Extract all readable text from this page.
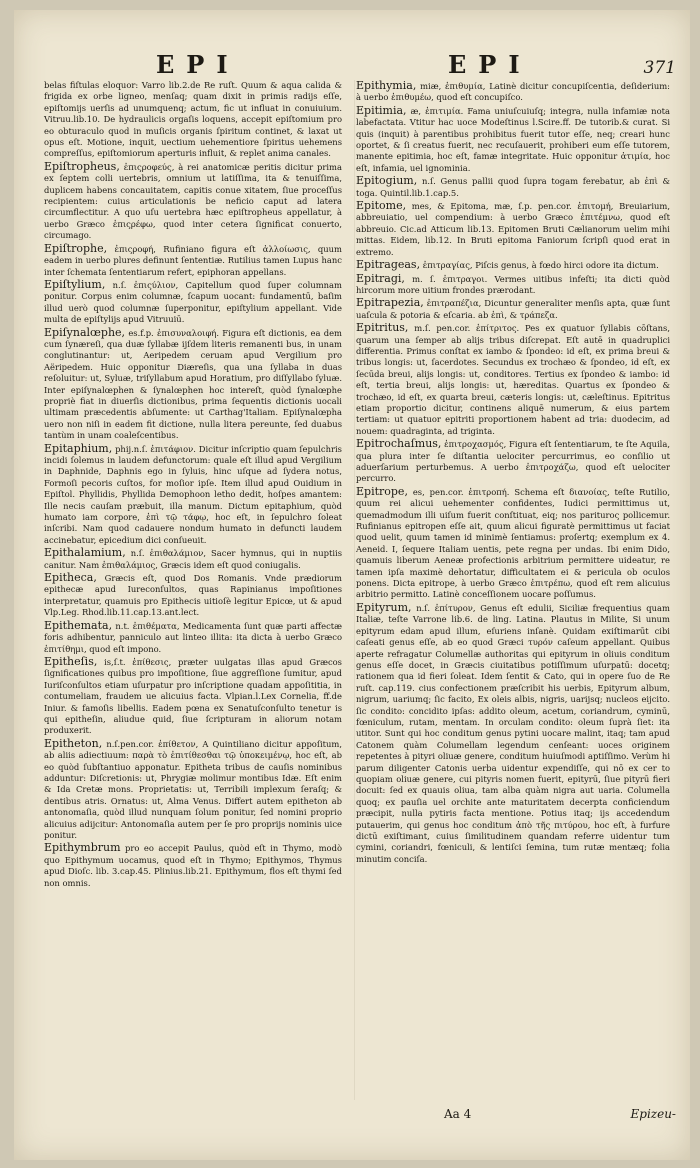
EPI	EPI	371

belas fiſtulas eloquor: Varro lib.2.de Re ruſt. Quum & aqua calida & frigida ex orbe ligneo, menſaq; quam dixit in primis radijs eſſe, epiſtomijs uerſis ad unumquenq; actum, fic ut influat in conuiuium. Vitruu.lib.10. De hydraulicis orgaſis loquens, accepit epiſtomium pro eo obturaculo quod in muſicis organis ſpiritum continet, & laxat ut opus eſt. Motione, inquit, uectium uehementiore ſpiritus uehemens compreſſus, epiſtomiorum aperturis influit, & replet anima canales.

Epiſtropheus, ἐπιςροφεύς, à rei anatomicæ peritis dicitur prima ex ſeptem colli uertebris, omnium ut latiſſima, ita & tenuiſſima, duplicem habens concauitatem, capitis conue xitatem, ſiue proceſſus recipientem: cuius articulationis be neficio caput ad latera circumflectitur. A quo uſu uertebra hæc epiſtropheus appellatur, à uerbo Græco ἐπιςρέφω, quod inter cetera ſignificat conuerto, circumago.

Epiſtrophe, ἐπιςροφή, Rufiniano figura eſt ἀλλοίωσις, quum eadem in uerbo plures definunt ſententiæ. Rutilius tamen Lupus hanc inter ſchemata ſententiarum refert, epiphoran appellans.

Epiſtylium, n.ſ. ἐπιςύλιον, Capitellum quod ſuper columnam ponitur. Corpus enim columnæ, ſcapum uocant: fundamentū, baſim illud uerò quod columnæ ſuperponitur, epiſtylium appellant. Vide multa de epiſtylijs apud Vitruuiū.

Epiſynalœphe, es.f.p. ἐπισυναλοιφή. Figura eſt dictionis, ea dem cum ſynæreſi, qua duæ ſyllabæ ijſdem literis remanenti bus, in unam conglutinantur: ut, Aeripedem ceruam apud Vergilium pro Aëripedem. Huic opponitur Diæreſis, qua una ſyllaba in duas reſoluitur: ut, Syluæ, triſyllabum apud Horatium, pro diſſyllabo ſyluæ. Inter epiſynalœphen & ſynalœphen hoc intereſt, quòd ſynalœphe propriè fiat in diuerſis dictionibus, prima ſequentis dictionis uocali ultimam præcedentis abſumente: ut Carthag'Italiam. Epiſynalœpha uero non niſi in eadem fit dictione, nulla litera pereunte, ſed duabus tantùm in unam coaleſcentibus.

Epitaphium, phij.n.ſ. ἐπιτάφιον. Dicitur inſcriptio quam ſepulchris incidi ſolemus in laudem defunctorum: quale eſt illud apud Vergilium in Daphnide, Daphnis ego in ſyluis, hinc uſque ad ſydera notus, Formoſi pecoris cuſtos, for moſior ipſe. Item illud apud Ouidium in Epiſtol. Phyllidis, Phyllida Demophoon letho dedit, hoſpes amantem: Ille necis cauſam præbuit, illa manum. Dictum epitaphium, quòd humato iam corpore, ἐπὶ τῷ τάφῳ, hoc eſt, in ſepulchro ſoleat inſcribi. Nam quod cadauere nondum humato in defuncti laudem accinebatur, epicedium dici conſueuit.

Epithalamium, n.ſ. ἐπιθαλάμιον, Sacer hymnus, qui in nuptiis canitur. Nam ἐπιθαλάμιος, Græcis idem eſt quod coniugalis.

Epitheca, Græcis eſt, quod Dos Romanis. Vnde prædiorum epithecæ apud Iureconſultos, quas Rapinianus impoſitiones interpretatur, quamuis pro Epithecis uitioſè legitur Epicœ, ut & apud Vlp.Leg. Rhod.lib.11.cap.13.ant.lect.

Epithemata, n.t. ἐπιθέματα, Medicamenta ſunt quæ parti affectæ foris adhibentur, panniculo aut linteo illita: ita dicta à uerbo Græco ἐπιτίθημι, quod eſt impono.

Epitheſis, is,ſ.t. ἐπίθεσις, præter uulgatas illas apud Græcos ſignificationes quibus pro impoſitione, ſiue aggreſſione ſumitur, apud Iuriſconſultos etiam uſurpatur pro inſcriptione quadam appoſititia, in contumeliam, fraudem ue alicuius facta. Vlpian.l.Lex Cornelia, ff.de Iniur. & famoſis libellis. Eadem pœna ex Senatuſconſulto tenetur is qui epitheſin, aliudue quid, ſiue ſcripturam in aliorum notam produxerit.

Epitheton, n.ſ.pen.cor. ἐπίθετον, A Quintiliano dicitur appoſitum, ab aliis adiectiuum: παρὰ τὸ ἐπιτίθεσθαι τῷ ὑποκειμένῳ, hoc eſt, ab eo quòd ſubſtantiuo apponatur. Epitheta tribus de cauſis nominibus adduntur: Diſcretionis: ut, Phrygiæ molimur montibus Idæ. Eſt enim & Ida Cretæ mons. Proprietatis: ut, Terribili implexum ſeraſq; & dentibus atris. Ornatus: ut, Alma Venus. Differt autem epitheton ab antonomaſia, quòd illud nunquam ſolum ponitur, ſed nomini proprio alicuius adijcitur: Antonomaſia autem per ſe pro proprijs nominis uice ponitur.

Epithymbrum pro eo accepit Paulus, quòd eſt in Thymo, modò quo Epithymum uocamus, quod eſt in Thymo; Epithymos, Thymus apud Dioſc. lib. 3.cap.45. Plinius.lib.21. Epithymum, flos eſt thymi ſed non omnis.

Epithymia, miæ, ἐπιθυμία, Latinè dicitur concupiſcentia, deſiderium: à uerbo ἐπιθυμέω, quod eſt concupiſco.

Epitimia, æ, ἐπιτιμία. Fama uniuſcuiuſq; integra, nulla infamiæ nota labefactata. Vtitur hac uoce Modeſtinus l.Scire.ff. De tutorib.& curat. Si quis (inquit) à parentibus prohibitus fuerit tutor eſſe, neq; creari hunc oportet, & ſi creatus fuerit, nec recuſauerit, prohiberi eum eſſe tutorem, manente epitimia, hoc eſt, famæ integritate. Huic opponitur ἀτιμία, hoc eſt, infamia, uel ignominia.

Epitogium, n.ſ. Genus pallii quod ſupra togam ferebatur, ab ἐπὶ & toga. Quintil.lib.1.cap.5.

Epitome, mes, & Epitoma, mæ, ſ.p. pen.cor. ἐπιτομή, Breuiarium, abbreuiatio, uel compendium: à uerbo Græco ἐπιτέμνω, quod eſt abbreuio. Cic.ad Atticum lib.13. Epitomen Bruti Cælianorum uelim mihi mittas. Eidem, lib.12. In Bruti epitoma Faniorum ſcripſi quod erat in extremo.

Epitrageas, ἐπιτραγίας, Piſcis genus, à fœdo hirci odore ita dictum.

Epitragi, m. ſ. ἐπιτραγοι. Vermes uitibus infeſti; ita dicti quòd hircorum more uitium frondes prærodant.

Epitrapezia, ἐπιτραπέζια, Dicuntur generaliter menſis apta, quæ ſunt uaſcula & potoria & eſcaria. ab ἐπὶ, & τράπεζα.

Epitritus, m.ſ. pen.cor. ἐπίτριτος. Pes ex quatuor ſyllabis cōſtans, quarum una ſemper ab alijs tribus diſcrepat. Eſt autē in quadruplici differentia. Primus conſtat ex iambo & ſpondeo: id eſt, ex prima breui & tribus longis: ut, ſacerdotes. Secundus ex trochæo & ſpondeo, id eſt, ex ſecūda breui, alijs longis: ut, conditores. Tertius ex ſpondeo & iambo: id eſt, tertia breui, alijs longis: ut, hæreditas. Quartus ex ſpondeo & trochæo, id eſt, ex quarta breui, cæteris longis: ut, cæleſtinus. Epitritus etiam proportio dicitur, continens aliquē numerum, & eius partem tertiam: ut quatuor epitriti proportionem habent ad tria: duodecim, ad nouem: quadraginta, ad triginta.

Epitrochaſmus, ἐπιτροχασμός, Figura eſt ſententiarum, te ſte Aquila, qua plura inter ſe diſtantia uelociter percurrimus, eo conſilio ut aduerſarium perturbemus. A uerbo ἐπιτροχάζω, quod eſt uelociter percurro.

Epitrope, es, pen.cor. ἐπιτροπή. Schema eſt διανοίας, teſte Rutilio, quum rei alicui uehementer confidentes, Iudici permittimus ut, quemadmodum illi uiſum fuerit conſtituat, eiq; nos pariturος pollicemur. Rufinianus epitropen eſſe ait, quum alicui figuratè permittimus ut faciat quod uelit, quum tamen id minimè ſentiamus: proſertq; exemplum ex 4. Aeneid. I, ſequere Italiam uentis, pete regna per undas. Ibi enim Dido, quamuis liberum Aeneæ profectionis arbitrium permittere uideatur, re tamen ipſa maximè dehortatur, difficultatem ei & pericula ob oculos ponens. Dicta epitrope, à uerbo Græco ἐπιτρέπω, quod eſt rem alicuius arbitrio permitto. Latinè conceſſionem uocare poſſumus.

Epityrum, n.ſ. ἐπίτυρον, Genus eſt edulii, Siciliæ frequentius quam Italiæ, teſte Varrone lib.6. de ling. Latina. Plautus in Milite, Si unum epityrum edam apud illum, eſuriens inſanè. Quidam exiſtimarūt cibi caſeati genus eſſe, ab eo quod Græci τυρόν caſeum appellant. Quibus aperte refragatur Columellæ authoritas qui epityrum in oliuis conditum genus eſſe docet, in Græcis ciuitatibus potiſſimum uſurpatū: docetq; rationem qua id fieri ſoleat. Idem ſentit & Cato, qui in opere ſuo de Re ruſt. cap.119. cius confectionem præſcribit his uerbis, Epityrum album, nigrum, uariumq; ſic facito, Ex oleis albis, nigris, uarijsq; nucleos eijcito. ſic condito: concidito ipſas: addito oleum, acetum, coriandrum, cyminū, fœniculum, rutam, mentam. In orculam condito: oleum ſuprà ſiet: ita utitor. Sunt qui hoc conditum genus pytini uocare malint, itaq; tam apud Catonem quàm Columellam legendum cenſeant: uoces originem repetentes à pityri oliuæ genere, conditum huiuſmodi aptiſſimo. Verùm hi parum diligenter Catonis uerba uidentur expendiſſe, qui nō ex cer to quopiam oliuæ genere, cui pityris nomen fuerit, epityrū, ſiue pityrū fieri docuit: ſed ex quauis oliua, tam alba quàm nigra aut uaria. Columella quoq; ex pauſia uel orchite ante maturitatem decerpta conficiendum præcipit, nulla pytiris facta mentione. Potius itaq; ijs accedendum putauerim, qui genus hoc conditum ἀπὸ τῆς πιτύρου, hoc eſt, à furfure dictū exiſtimant, cuius ſimilitudinem quandam referre uidentur tum cymini, coriandri, fœniculi, & lentiſci ſemina, tum rutæ mentæq; folia minutim conciſa.

Aa 4	Epizeu-
